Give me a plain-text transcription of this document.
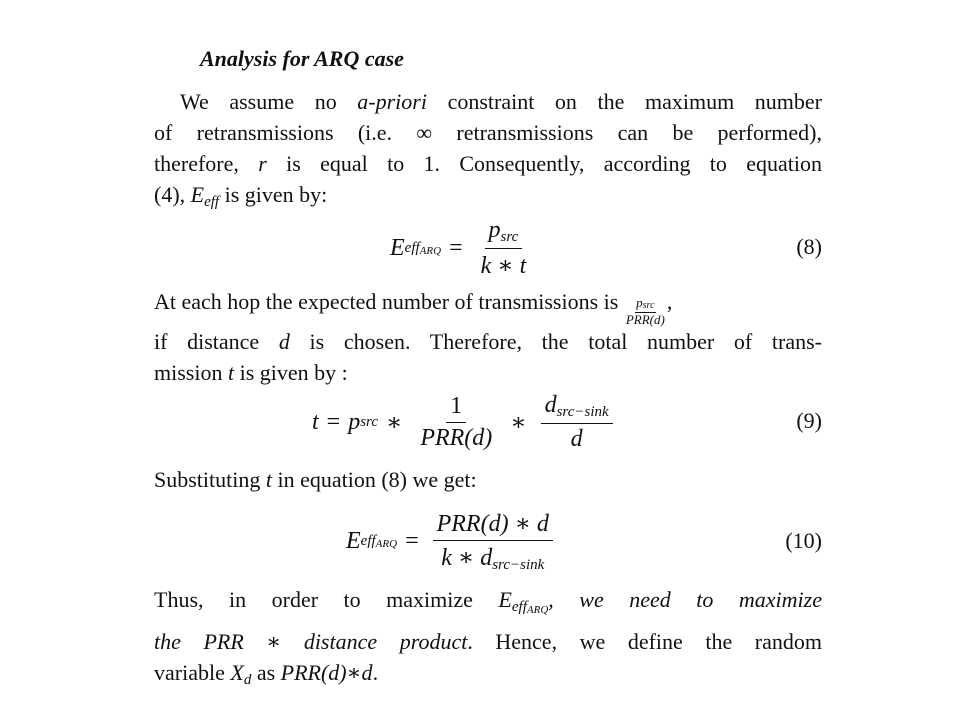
Analysis for ARQ case
We assume no a-priori constraint on the maximum number
of retransmissions (i.e. ∞ retransmissions can be performed),
therefore, r is equal to 1. Consequently, according to equation
(4), $E_{eff}$ is given by:
E $eff_{ARQ} = \frac{p_{src}}{k ∗ t}$	(8)
At each hop the expected number of transmissions is $\frac{p_{src}}{\text{PRR(d)}}$ ,
if distance d is chosen. Therefore, the total number of trans-
mission t is given by :
t = p src ∗ $\frac{1}{\text{PRR(d)}}$ ∗ $\frac{d_{src-sink}}{d}$	(9)
Substituting t in equation (8) we get:
E $eff_{ARQ} = \frac{\text{PRR(d) ∗ d}}{k ∗ d_{src-sink}}$	(10)
Thus, in order to maximize $E_{eff_{ARQ}}$, we need to maximize
the PRR ∗ distance product. Hence, we define the random
variable $X_d$ as PRR(d)∗d.
